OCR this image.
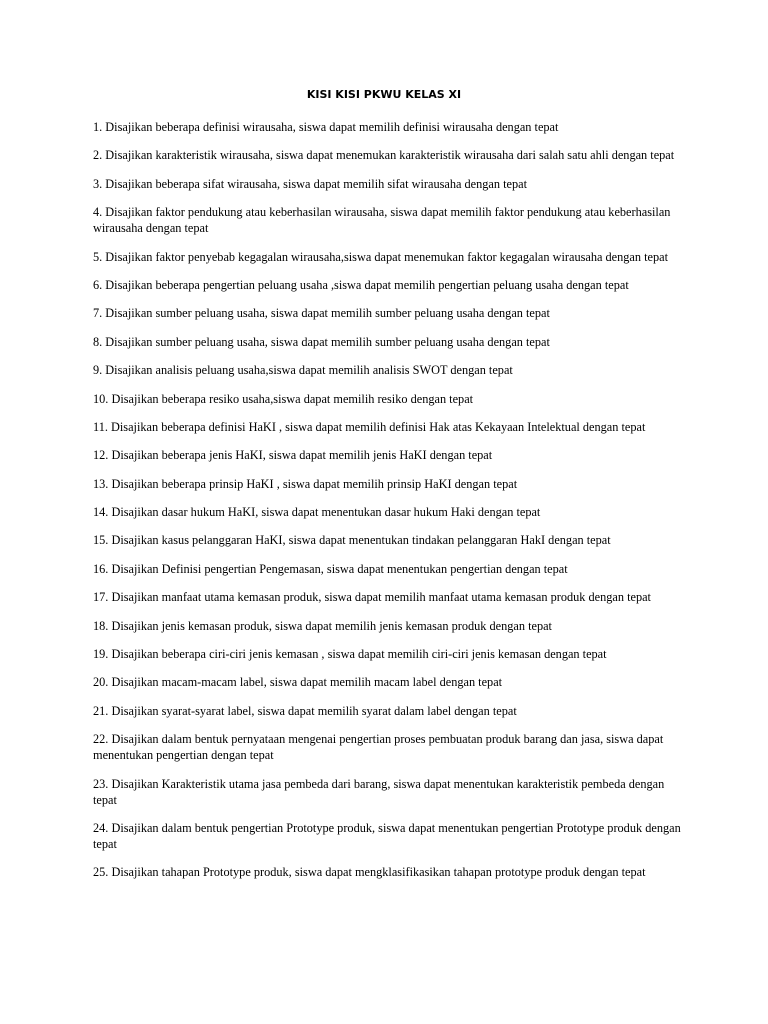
KISI KISI PKWU KELAS XI
1. Disajikan beberapa definisi wirausaha, siswa dapat memilih definisi wirausaha dengan tepat
2. Disajikan karakteristik wirausaha, siswa dapat menemukan karakteristik wirausaha dari salah satu ahli dengan tepat
3. Disajikan beberapa sifat wirausaha, siswa dapat memilih sifat wirausaha dengan tepat
4. Disajikan faktor pendukung atau keberhasilan wirausaha, siswa dapat memilih faktor pendukung atau keberhasilan wirausaha dengan tepat
5. Disajikan faktor penyebab kegagalan wirausaha,siswa dapat menemukan faktor kegagalan wirausaha dengan tepat
6. Disajikan beberapa pengertian peluang usaha ,siswa dapat memilih pengertian peluang usaha dengan tepat
7. Disajikan sumber peluang usaha, siswa dapat memilih sumber peluang usaha dengan tepat
8. Disajikan sumber peluang usaha, siswa dapat memilih sumber peluang usaha dengan tepat
9. Disajikan analisis peluang usaha,siswa dapat memilih analisis SWOT dengan tepat
10. Disajikan beberapa resiko usaha,siswa dapat memilih resiko dengan tepat
11. Disajikan beberapa definisi HaKI , siswa dapat memilih definisi Hak atas Kekayaan Intelektual dengan tepat
12. Disajikan beberapa jenis HaKI, siswa dapat memilih jenis HaKI dengan tepat
13. Disajikan beberapa prinsip HaKI , siswa dapat memilih prinsip HaKI dengan tepat
14. Disajikan dasar hukum HaKI, siswa dapat menentukan dasar hukum Haki dengan tepat
15. Disajikan kasus pelanggaran HaKI, siswa dapat menentukan tindakan pelanggaran HakI dengan tepat
16. Disajikan Definisi pengertian Pengemasan, siswa dapat menentukan pengertian dengan tepat
17. Disajikan manfaat utama kemasan produk, siswa dapat memilih manfaat utama kemasan produk dengan tepat
18. Disajikan jenis kemasan produk, siswa dapat memilih jenis kemasan produk dengan tepat
19. Disajikan beberapa ciri-ciri jenis kemasan , siswa dapat memilih ciri-ciri jenis kemasan dengan tepat
20. Disajikan macam-macam label, siswa dapat memilih macam label dengan tepat
21. Disajikan syarat-syarat label, siswa dapat memilih syarat dalam label dengan tepat
22. Disajikan dalam bentuk pernyataan mengenai pengertian proses pembuatan produk barang dan jasa, siswa dapat menentukan pengertian dengan tepat
23. Disajikan Karakteristik utama jasa pembeda dari barang, siswa dapat menentukan karakteristik pembeda dengan tepat
24. Disajikan dalam bentuk pengertian Prototype produk, siswa dapat menentukan pengertian Prototype produk dengan tepat
25. Disajikan tahapan Prototype produk, siswa dapat mengklasifikasikan tahapan prototype produk dengan tepat
